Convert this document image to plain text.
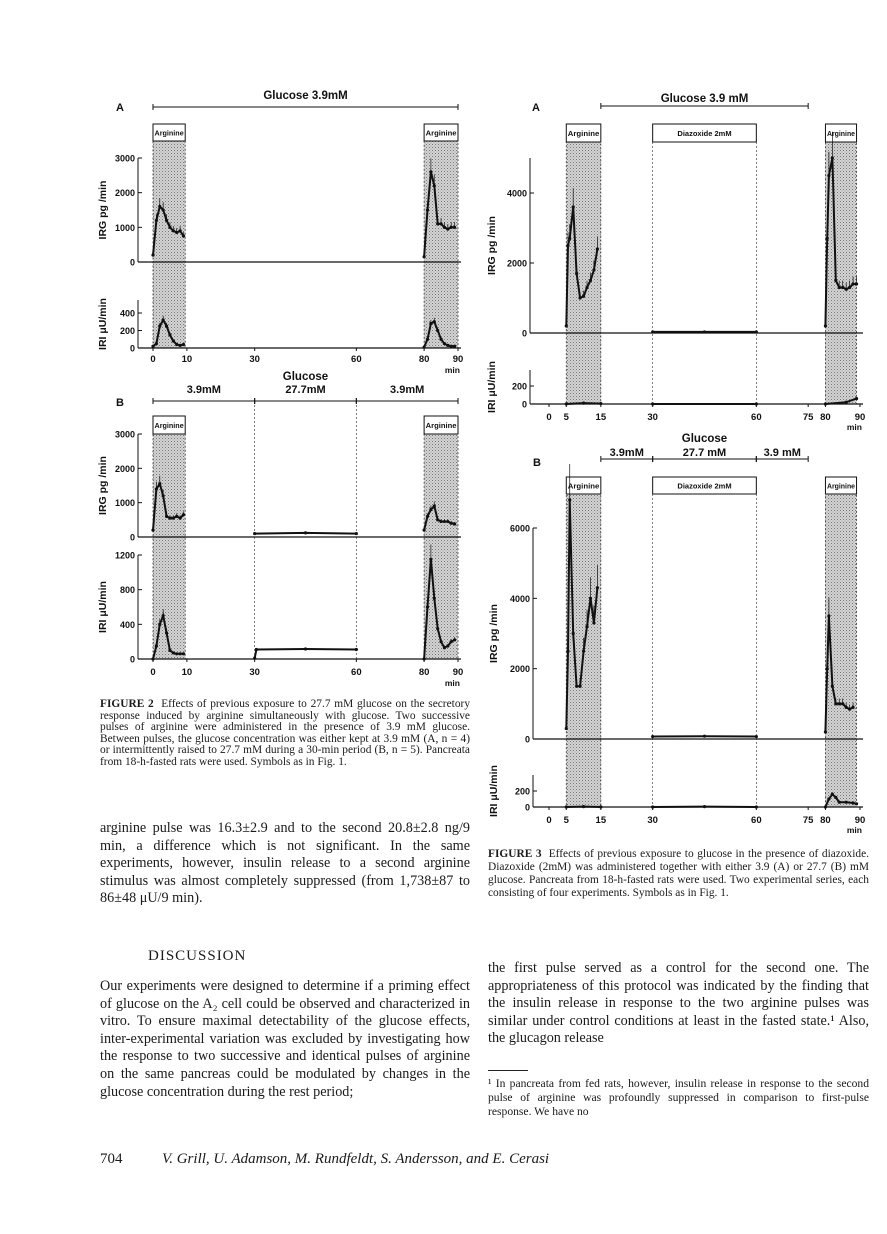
A
Arginine	Arginine
Glucose 3.9mM
0
1000
2000
3000
IRG pg /min
0
200
400
IRI μU/min
0	10	30	60	80 90
min
B
Arginine	Arginine
Glucose
3.9mM	27.7mM	3.9mM
0
1000
2000
3000
IRG pg /min
0
400
800
1200
IRI μU/min
0	10	30	60	80 90
min
A
Arginine	Arginine
Diazoxide 2mM
Glucose 3.9 mM
0
2000
4000
IRG pg /min
0
200
IRI μU/min
0 5	15	30	60	75 80	90
min
B
Arginine	Arginine
Diazoxide 2mM
Glucose
3.9mM	27.7 mM	3.9 mM
0
2000
4000
6000
IRG pg /min
0
200
IRI μU/min
0 5	15	30	60	75 80	90
min
FIGURE 2 Effects of previous exposure to 27.7 mM glucose on the secretory response induced by arginine simultaneously with glucose. Two successive pulses of arginine were administered in the presence of 3.9 mM glucose. Between pulses, the glucose concentration was either kept at 3.9 mM (A, n = 4) or intermittently raised to 27.7 mM during a 30-min period (B, n = 5). Pancreata from 18-h-fasted rats were used. Symbols as in Fig. 1.
arginine pulse was 16.3±2.9 and to the second 20.8±2.8 ng/9 min, a difference which is not significant. In the same experiments, however, insulin release to a second arginine stimulus was almost completely suppressed (from 1,738±87 to 86±48 μU/9 min).
DISCUSSION
Our experiments were designed to determine if a priming effect of glucose on the A₂ cell could be observed and characterized in vitro. To ensure maximal detectability of the glucose effects, inter-experimental variation was excluded by investigating how the response to two successive and identical pulses of arginine on the same pancreas could be modulated by changes in the glucose concentration during the rest period;
FIGURE 3 Effects of previous exposure to glucose in the presence of diazoxide. Diazoxide (2mM) was administered together with either 3.9 (A) or 27.7 (B) mM glucose. Pancreata from 18-h-fasted rats were used. Two experimental series, each consisting of four experiments. Symbols as in Fig. 1.
the first pulse served as a control for the second one. The appropriateness of this protocol was indicated by the finding that the insulin release in response to the two arginine pulses was similar under control conditions at least in the fasted state.¹ Also, the glucagon release
¹ In pancreata from fed rats, however, insulin release in response to the second pulse of arginine was profoundly suppressed in comparison to first-pulse response. We have no
704	V. Grill, U. Adamson, M. Rundfeldt, S. Andersson, and E. Cerasi
